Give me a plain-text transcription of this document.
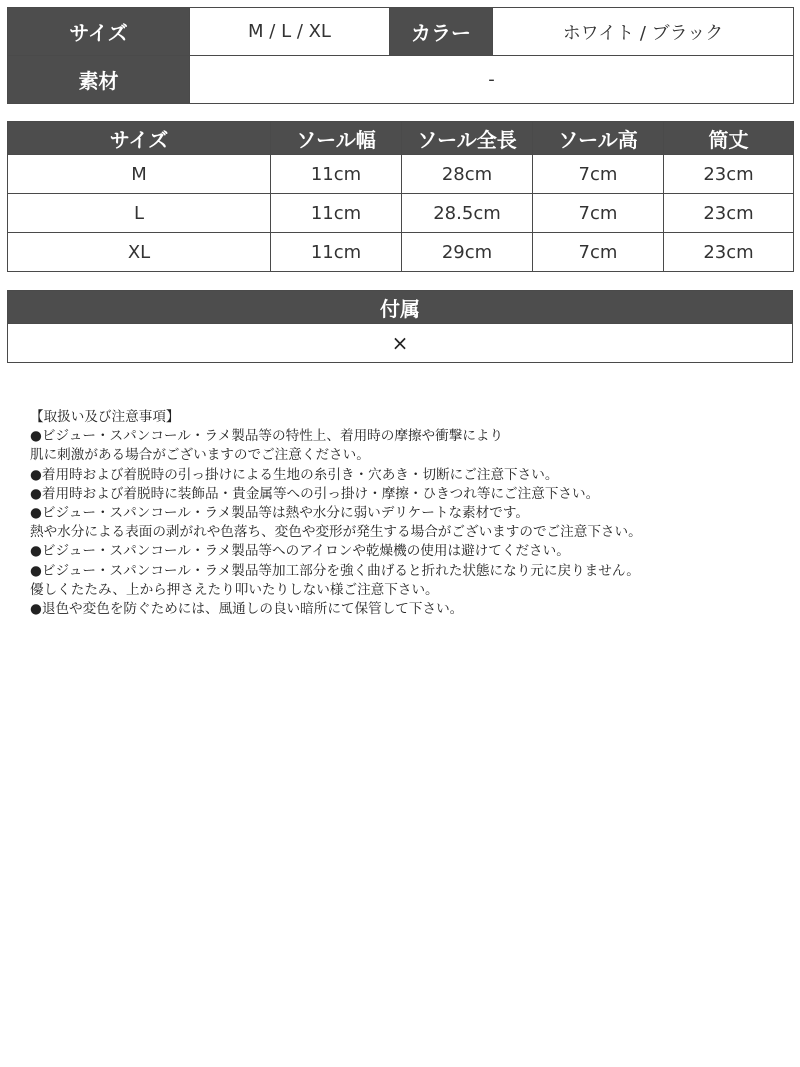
サイズ	M / L / XL	カラー	ホワイト / ブラック
素材	-		
サイズ	ソール幅	ソール全長	ソール高	筒丈
M	11cm	28cm	7cm	23cm
L	11cm	28.5cm	7cm	23cm
XL	11cm	29cm	7cm	23cm
付属
×
【取扱い及び注意事項】
●ビジュー・スパンコール・ラメ製品等の特性上、着用時の摩擦や衝撃により
肌に刺激がある場合がございますのでご注意ください。
●着用時および着脱時の引っ掛けによる生地の糸引き・穴あき・切断にご注意下さい。
●着用時および着脱時に装飾品・貴金属等への引っ掛け・摩擦・ひきつれ等にご注意下さい。
●ビジュー・スパンコール・ラメ製品等は熱や水分に弱いデリケートな素材です。
熱や水分による表面の剥がれや色落ち、変色や変形が発生する場合がございますのでご注意下さい。
●ビジュー・スパンコール・ラメ製品等へのアイロンや乾燥機の使用は避けてください。
●ビジュー・スパンコール・ラメ製品等加工部分を強く曲げると折れた状態になり元に戻りません。
優しくたたみ、上から押さえたり叩いたりしない様ご注意下さい。
●退色や変色を防ぐためには、風通しの良い暗所にて保管して下さい。
